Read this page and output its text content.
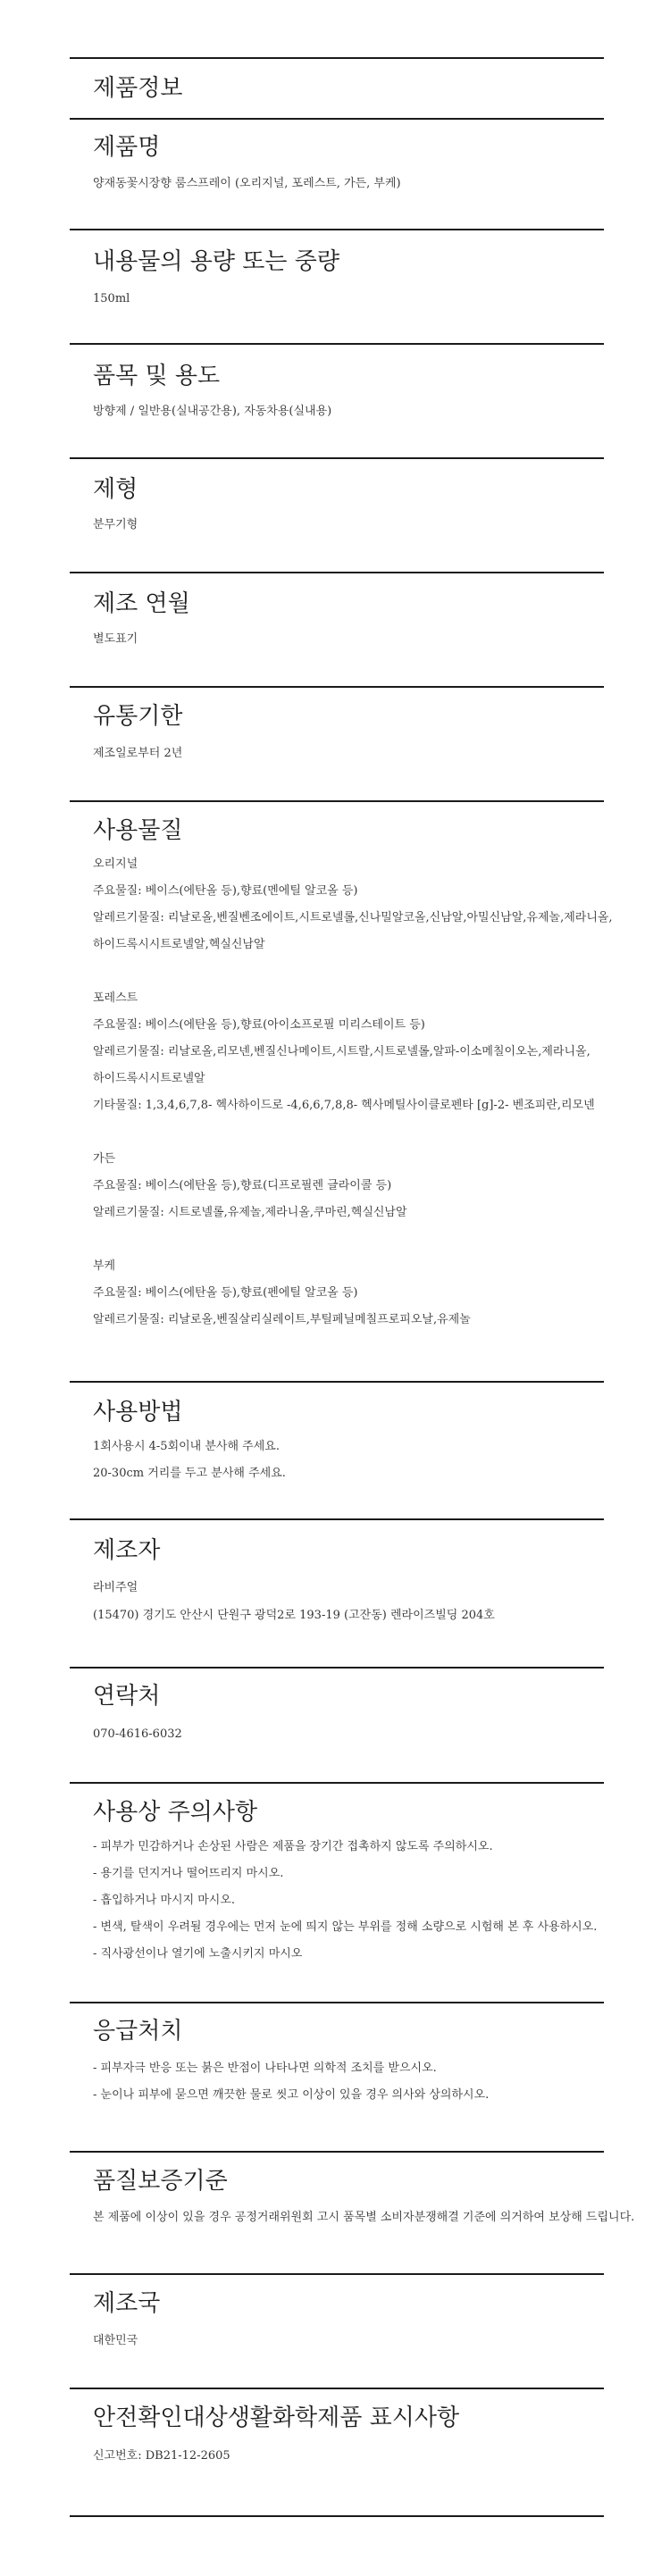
제품정보
제품명
양재동꽃시장향 룸스프레이 (오리지널, 포레스트, 가든, 부케)
내용물의 용량 또는 중량
150ml
품목 및 용도
방향제 / 일반용(실내공간용), 자동차용(실내용)
제형
분무기형
제조 연월
별도표기
유통기한
제조일로부터 2년
사용물질
오리지널
주요물질: 베이스(에탄올 등),향료(멘에틸 알코올 등)
알레르기물질: 리날로올,벤질벤조에이트,시트로넬롤,신나밀알코올,신남알,아밀신남알,유제놀,제라니올,
하이드록시시트로넬알,헥실신남알
포레스트
주요물질: 베이스(에탄올 등),향료(아이소프로필 미리스테이트 등)
알레르기물질: 리날로올,리모넨,벤질신나메이트,시트랄,시트로넬롤,알파-이소메칠이오논,제라니올,
하이드록시시트로넬알
기타물질: 1,3,4,6,7,8- 헥사하이드로 -4,6,6,7,8,8- 헥사메틸사이클로펜타 [g]-2- 벤조피란,리모넨
가든
주요물질: 베이스(에탄올 등),향료(디프로필렌 글라이콜 등)
알레르기물질: 시트로넬롤,유제놀,제라니올,쿠마린,헥실신남알
부케
주요물질: 베이스(에탄올 등),향료(펜에틸 알코올 등)
알레르기물질: 리날로올,벤질살리실레이트,부틸페닐메칠프로피오날,유제놀
사용방법
1회사용시 4-5회이내 분사해 주세요.
20-30cm 거리를 두고 분사해 주세요.
제조자
라비주얼
(15470) 경기도 안산시 단원구 광덕2로 193-19 (고잔동) 렌라이즈빌딩 204호
연락처
070-4616-6032
사용상 주의사항
- 피부가 민감하거나 손상된 사람은 제품을 장기간 접촉하지 않도록 주의하시오.
- 용기를 던지거나 떨어뜨리지 마시오.
- 흡입하거나 마시지 마시오.
- 변색, 탈색이 우려될 경우에는 먼저 눈에 띄지 않는 부위를 정해 소량으로 시험해 본 후 사용하시오.
- 직사광선이나 열기에 노출시키지 마시오
응급처치
- 피부자극 반응 또는 붉은 반점이 나타나면 의학적 조치를 받으시오.
- 눈이나 피부에 묻으면 깨끗한 물로 씻고 이상이 있을 경우 의사와 상의하시오.
품질보증기준
본 제품에 이상이 있을 경우 공정거래위원회 고시 품목별 소비자분쟁해결 기준에 의거하여 보상해 드립니다.
제조국
대한민국
안전확인대상생활화학제품 표시사항
신고번호: DB21-12-2605
